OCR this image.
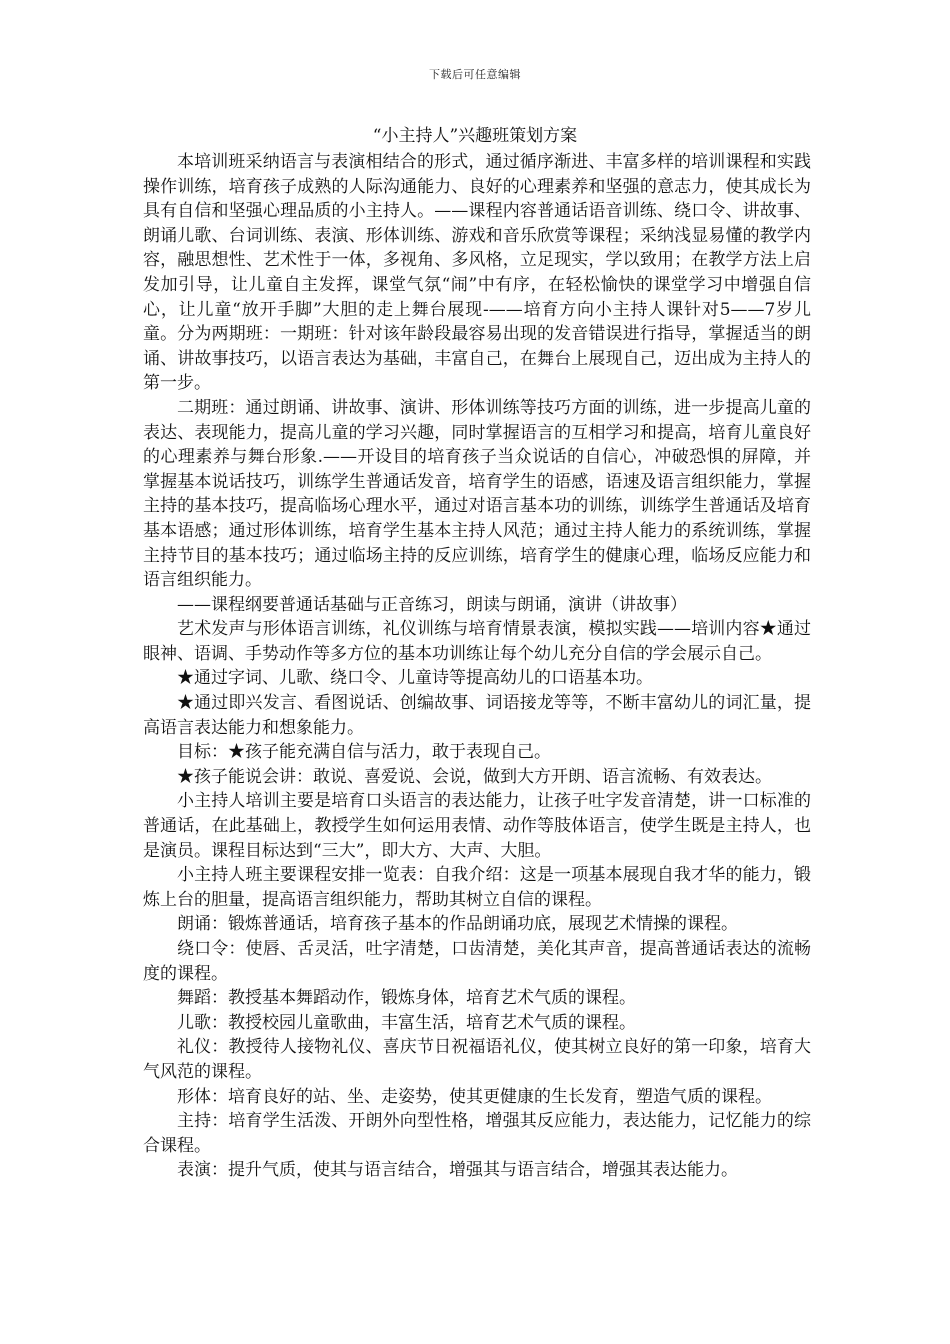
下载后可任意编辑
“小主持人”兴趣班策划方案

本培训班采纳语言与表演相结合的形式，通过循序渐进、丰富多样的培训课程和实践操作训练，培育孩子成熟的人际沟通能力、良好的心理素养和坚强的意志力，使其成长为具有自信和坚强心理品质的小主持人。——课程内容普通话语音训练、绕口令、讲故事、朗诵儿歌、台词训练、表演、形体训练、游戏和音乐欣赏等课程；采纳浅显易懂的教学内容，融思想性、艺术性于一体，多视角、多风格，立足现实，学以致用；在教学方法上启发加引导，让儿童自主发挥，课堂气氛“闹”中有序，在轻松愉快的课堂学习中增强自信心，让儿童“放开手脚”大胆的走上舞台展现-——培育方向小主持人课针对5——7岁儿童。分为两期班：一期班：针对该年龄段最容易出现的发音错误进行指导，掌握适当的朗诵、讲故事技巧，以语言表达为基础，丰富自己，在舞台上展现自己，迈出成为主持人的第一步。

二期班：通过朗诵、讲故事、演讲、形体训练等技巧方面的训练，进一步提高儿童的表达、表现能力，提高儿童的学习兴趣，同时掌握语言的互相学习和提高，培育儿童良好的心理素养与舞台形象.——开设目的培育孩子当众说话的自信心，冲破恐惧的屏障，并掌握基本说话技巧，训练学生普通话发音，培育学生的语感，语速及语言组织能力，掌握主持的基本技巧，提高临场心理水平，通过对语言基本功的训练，训练学生普通话及培育基本语感；通过形体训练，培育学生基本主持人风范；通过主持人能力的系统训练，掌握主持节目的基本技巧；通过临场主持的反应训练，培育学生的健康心理，临场反应能力和语言组织能力。

——课程纲要普通话基础与正音练习，朗读与朗诵，演讲（讲故事）

艺术发声与形体语言训练，礼仪训练与培育情景表演，模拟实践——培训内容★通过眼神、语调、手势动作等多方位的基本功训练让每个幼儿充分自信的学会展示自己。

★通过字词、儿歌、绕口令、儿童诗等提高幼儿的口语基本功。

★通过即兴发言、看图说话、创编故事、词语接龙等等，不断丰富幼儿的词汇量，提高语言表达能力和想象能力。

目标：★孩子能充满自信与活力，敢于表现自己。

★孩子能说会讲：敢说、喜爱说、会说，做到大方开朗、语言流畅、有效表达。

小主持人培训主要是培育口头语言的表达能力，让孩子吐字发音清楚，讲一口标准的普通话，在此基础上，教授学生如何运用表情、动作等肢体语言，使学生既是主持人，也是演员。课程目标达到“三大”，即大方、大声、大胆。

小主持人班主要课程安排一览表：自我介绍：这是一项基本展现自我才华的能力，锻炼上台的胆量，提高语言组织能力，帮助其树立自信的课程。

朗诵：锻炼普通话，培育孩子基本的作品朗诵功底，展现艺术情操的课程。

绕口令：使唇、舌灵活，吐字清楚，口齿清楚，美化其声音，提高普通话表达的流畅度的课程。

舞蹈：教授基本舞蹈动作，锻炼身体，培育艺术气质的课程。

儿歌：教授校园儿童歌曲，丰富生活，培育艺术气质的课程。

礼仪：教授待人接物礼仪、喜庆节日祝福语礼仪，使其树立良好的第一印象，培育大气风范的课程。

形体：培育良好的站、坐、走姿势，使其更健康的生长发育，塑造气质的课程。

主持：培育学生活泼、开朗外向型性格，增强其反应能力，表达能力，记忆能力的综合课程。

表演：提升气质，使其与语言结合，增强其与语言结合，增强其表达能力。
